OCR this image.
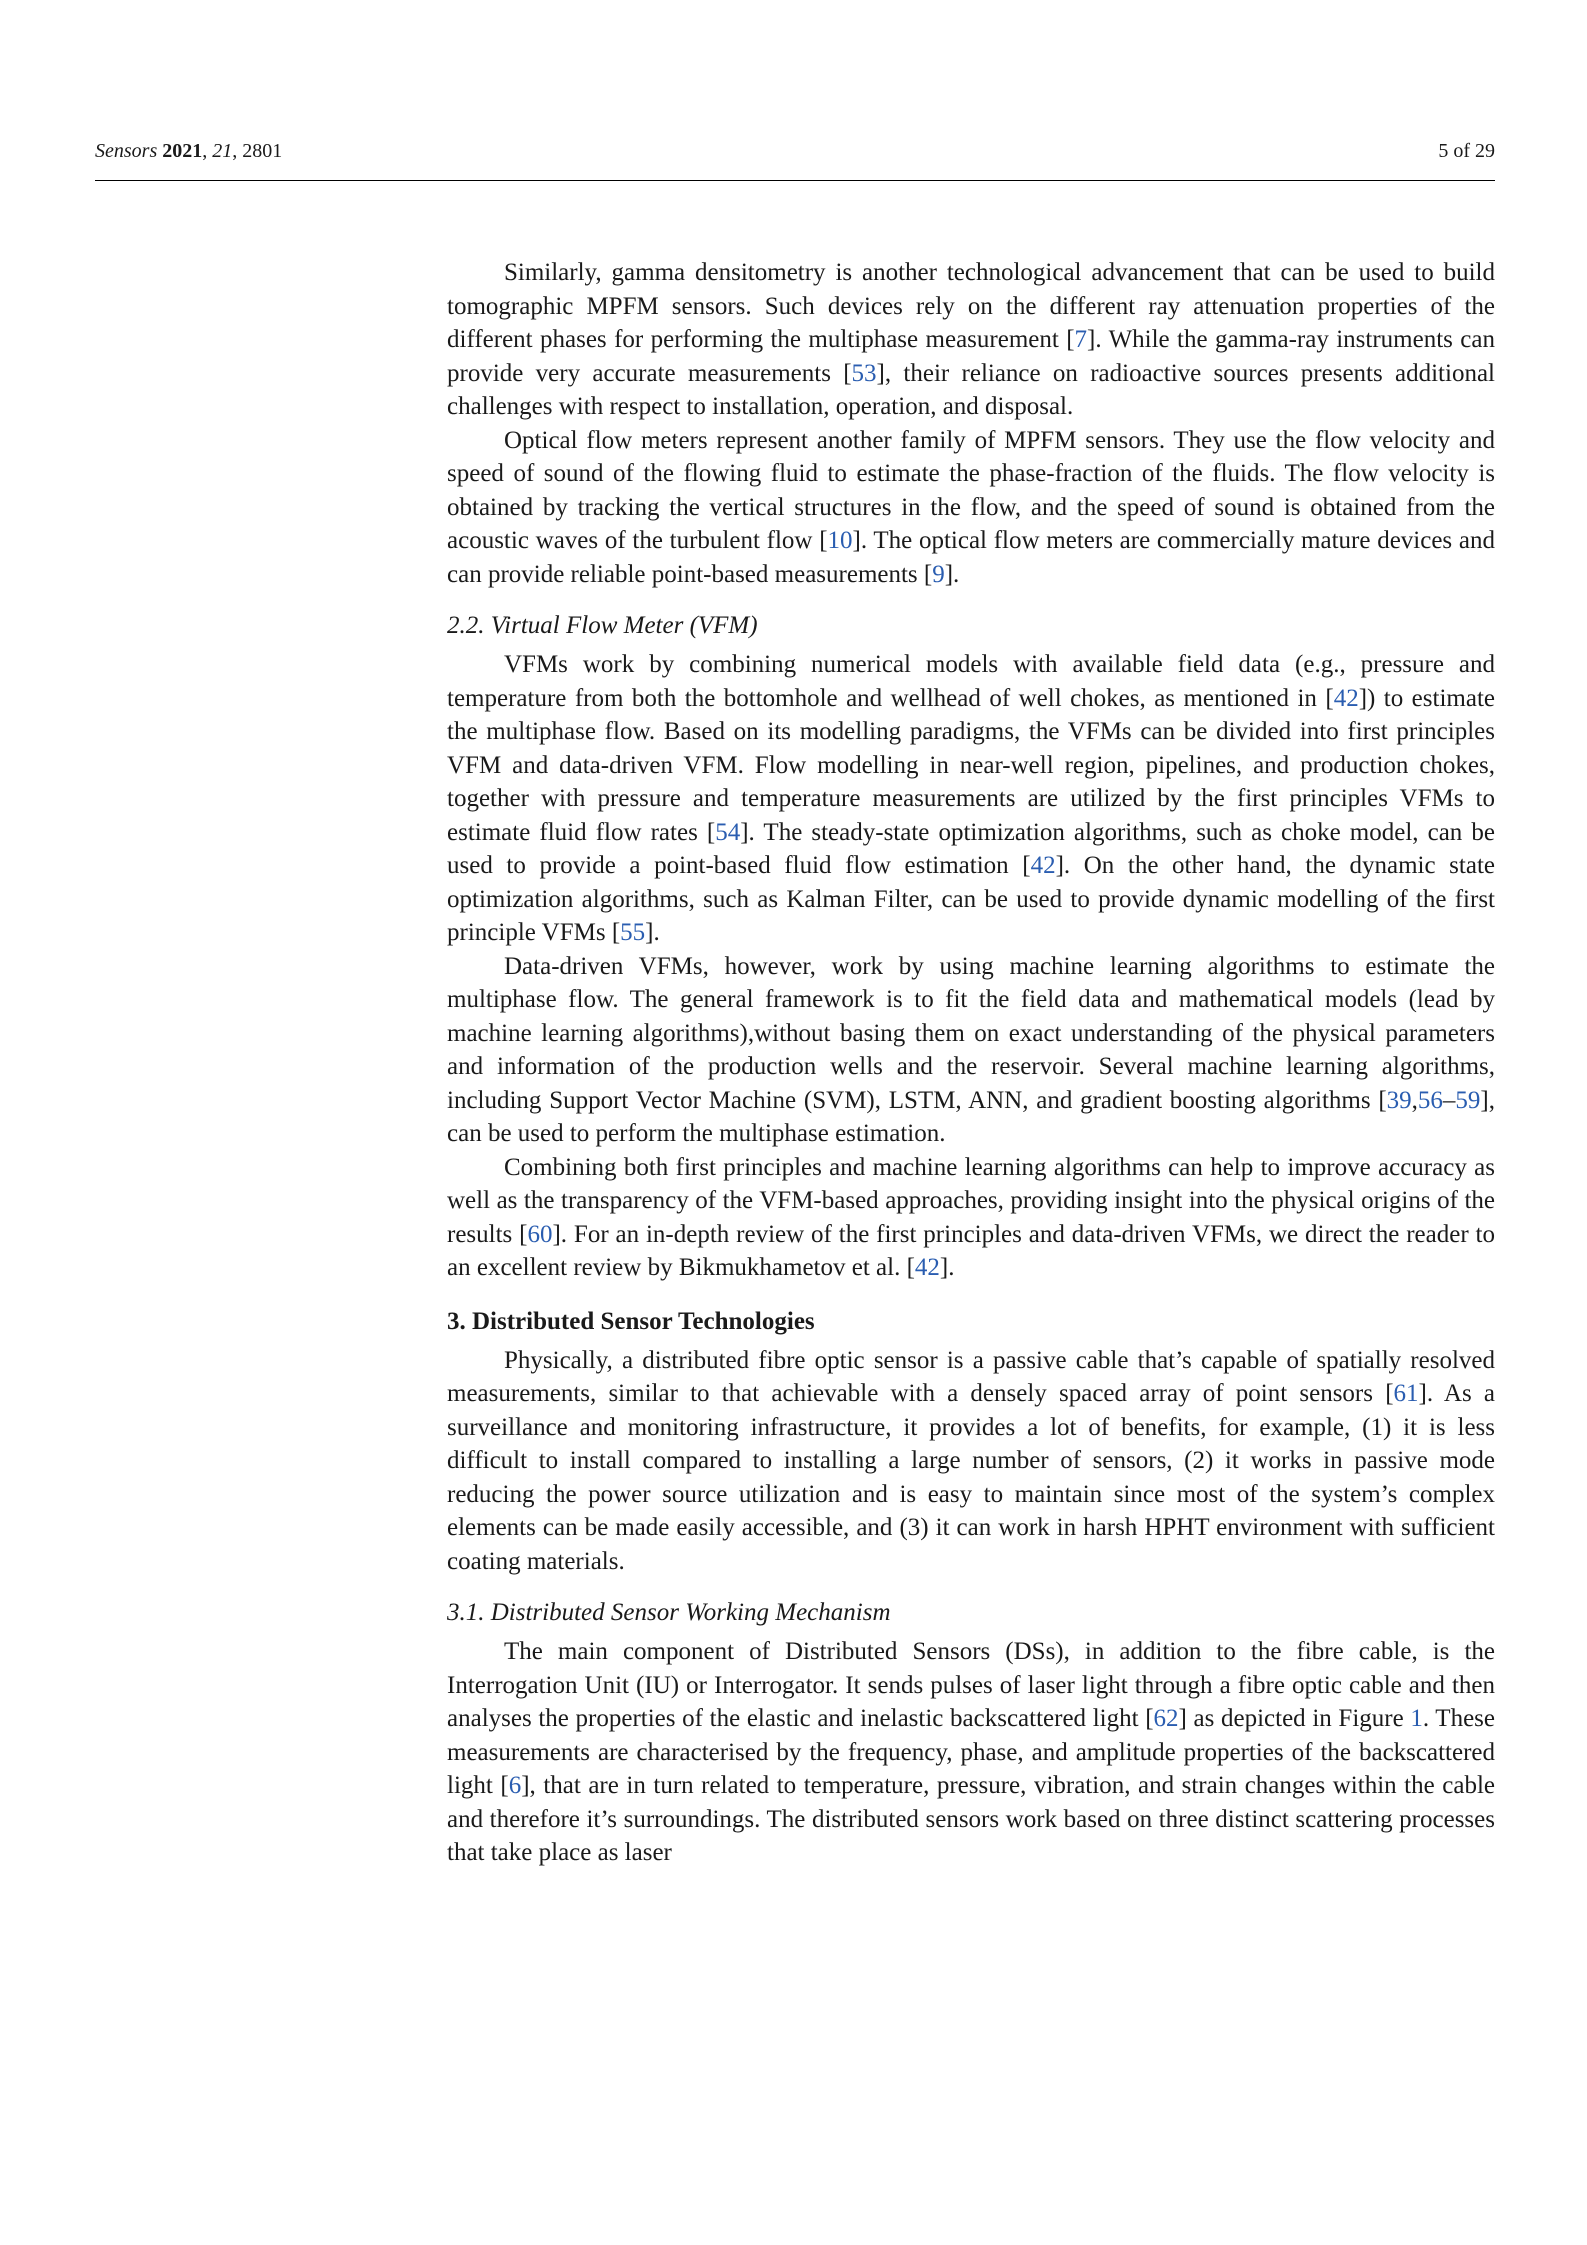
Sensors 2021, 21, 2801	5 of 29

Similarly, gamma densitometry is another technological advancement that can be used to build tomographic MPFM sensors. Such devices rely on the different ray attenuation properties of the different phases for performing the multiphase measurement [7]. While the gamma-ray instruments can provide very accurate measurements [53], their reliance on radioactive sources presents additional challenges with respect to installation, operation, and disposal.

Optical flow meters represent another family of MPFM sensors. They use the flow velocity and speed of sound of the flowing fluid to estimate the phase-fraction of the fluids. The flow velocity is obtained by tracking the vertical structures in the flow, and the speed of sound is obtained from the acoustic waves of the turbulent flow [10]. The optical flow meters are commercially mature devices and can provide reliable point-based measurements [9].

2.2. Virtual Flow Meter (VFM)

VFMs work by combining numerical models with available field data (e.g., pressure and temperature from both the bottomhole and wellhead of well chokes, as mentioned in [42]) to estimate the multiphase flow. Based on its modelling paradigms, the VFMs can be divided into first principles VFM and data-driven VFM. Flow modelling in near-well region, pipelines, and production chokes, together with pressure and temperature measurements are utilized by the first principles VFMs to estimate fluid flow rates [54]. The steady-state optimization algorithms, such as choke model, can be used to provide a point-based fluid flow estimation [42]. On the other hand, the dynamic state optimization algorithms, such as Kalman Filter, can be used to provide dynamic modelling of the first principle VFMs [55].

Data-driven VFMs, however, work by using machine learning algorithms to estimate the multiphase flow. The general framework is to fit the field data and mathematical models (lead by machine learning algorithms),without basing them on exact understanding of the physical parameters and information of the production wells and the reservoir. Several machine learning algorithms, including Support Vector Machine (SVM), LSTM, ANN, and gradient boosting algorithms [39,56–59], can be used to perform the multiphase estimation.

Combining both first principles and machine learning algorithms can help to improve accuracy as well as the transparency of the VFM-based approaches, providing insight into the physical origins of the results [60]. For an in-depth review of the first principles and data-driven VFMs, we direct the reader to an excellent review by Bikmukhametov et al. [42].

3. Distributed Sensor Technologies

Physically, a distributed fibre optic sensor is a passive cable that’s capable of spatially resolved measurements, similar to that achievable with a densely spaced array of point sensors [61]. As a surveillance and monitoring infrastructure, it provides a lot of benefits, for example, (1) it is less difficult to install compared to installing a large number of sensors, (2) it works in passive mode reducing the power source utilization and is easy to maintain since most of the system’s complex elements can be made easily accessible, and (3) it can work in harsh HPHT environment with sufficient coating materials.

3.1. Distributed Sensor Working Mechanism

The main component of Distributed Sensors (DSs), in addition to the fibre cable, is the Interrogation Unit (IU) or Interrogator. It sends pulses of laser light through a fibre optic cable and then analyses the properties of the elastic and inelastic backscattered light [62] as depicted in Figure 1. These measurements are characterised by the frequency, phase, and amplitude properties of the backscattered light [6], that are in turn related to temperature, pressure, vibration, and strain changes within the cable and therefore it’s surroundings. The distributed sensors work based on three distinct scattering processes that take place as laser
